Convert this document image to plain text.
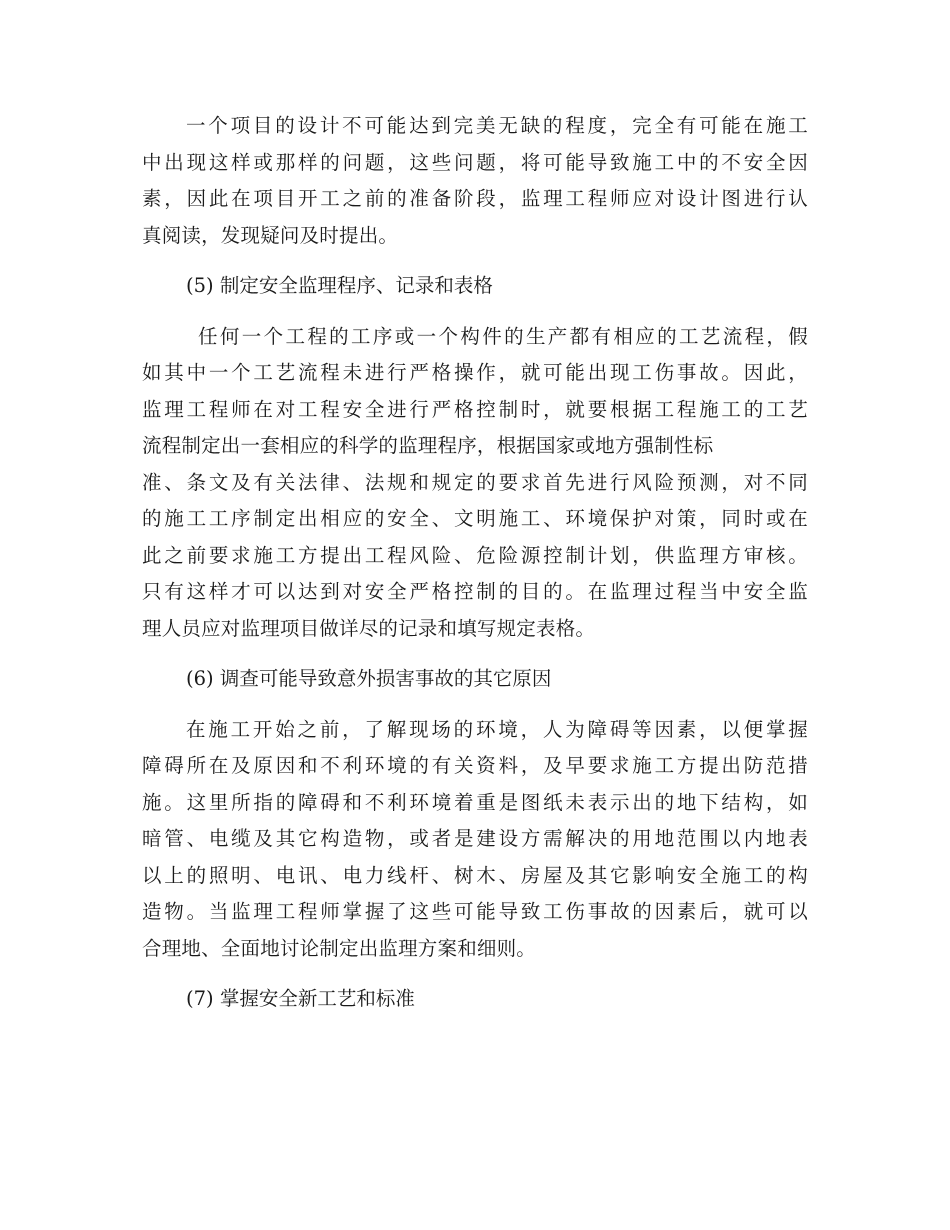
一个项目的设计不可能达到完美无缺的程度，完全有可能在施工
中出现这样或那样的问题，这些问题，将可能导致施工中的不安全因
素，因此在项目开工之前的准备阶段，监理工程师应对设计图进行认
真阅读，发现疑问及时提出。
(5) 制定安全监理程序、记录和表格
任何一个工程的工序或一个构件的生产都有相应的工艺流程，假
如其中一个工艺流程未进行严格操作，就可能出现工伤事故。因此，
监理工程师在对工程安全进行严格控制时，就要根据工程施工的工艺
流程制定出一套相应的科学的监理程序，根据国家或地方强制性标
准、条文及有关法律、法规和规定的要求首先进行风险预测，对不同
的施工工序制定出相应的安全、文明施工、环境保护对策，同时或在
此之前要求施工方提出工程风险、危险源控制计划，供监理方审核。
只有这样才可以达到对安全严格控制的目的。在监理过程当中安全监
理人员应对监理项目做详尽的记录和填写规定表格。
(6) 调查可能导致意外损害事故的其它原因
在施工开始之前，了解现场的环境，人为障碍等因素，以便掌握
障碍所在及原因和不利环境的有关资料，及早要求施工方提出防范措
施。这里所指的障碍和不利环境着重是图纸未表示出的地下结构，如
暗管、电缆及其它构造物，或者是建设方需解决的用地范围以内地表
以上的照明、电讯、电力线杆、树木、房屋及其它影响安全施工的构
造物。当监理工程师掌握了这些可能导致工伤事故的因素后，就可以
合理地、全面地讨论制定出监理方案和细则。
(7) 掌握安全新工艺和标准
